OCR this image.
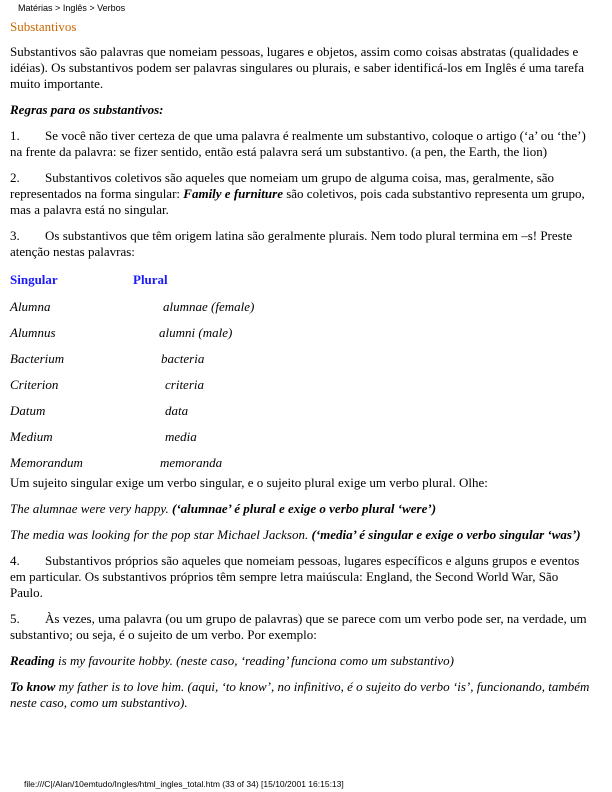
Matérias > Inglês > Verbos
Substantivos

Substantivos são palavras que nomeiam pessoas, lugares e objetos, assim como coisas abstratas (qualidades e idéias). Os substantivos podem ser palavras singulares ou plurais, e saber identificá-los em Inglês é uma tarefa muito importante.

Regras para os substantivos:

1. Se você não tiver certeza de que uma palavra é realmente um substantivo, coloque o artigo (‘a’ ou ‘the’) na frente da palavra: se fizer sentido, então está palavra será um substantivo. (a pen, the Earth, the lion)

2. Substantivos coletivos são aqueles que nomeiam um grupo de alguma coisa, mas, geralmente, são representados na forma singular: Family e furniture são coletivos, pois cada substantivo representa um grupo, mas a palavra está no singular.

3. Os substantivos que têm origem latina são geralmente plurais. Nem todo plural termina em –s! Preste atenção nestas palavras:

Singular	Plural
Alumna	alumnae (female)
Alumnus	alumni (male)
Bacterium	bacteria
Criterion	criteria
Datum	data
Medium	media
Memorandum	memoranda

Um sujeito singular exige um verbo singular, e o sujeito plural exige um verbo plural. Olhe:

The alumnae were very happy. (‘alumnae’ é plural e exige o verbo plural ‘were’)

The media was looking for the pop star Michael Jackson. (‘media’ é singular e exige o verbo singular ‘was’)

4. Substantivos próprios são aqueles que nomeiam pessoas, lugares específicos e alguns grupos e eventos em particular. Os substantivos próprios têm sempre letra maiúscula: England, the Second World War, São Paulo.

5. Às vezes, uma palavra (ou um grupo de palavras) que se parece com um verbo pode ser, na verdade, um substantivo; ou seja, é o sujeito de um verbo. Por exemplo:

Reading is my favourite hobby. (neste caso, ‘reading’ funciona como um substantivo)

To know my father is to love him. (aqui, ‘to know’, no infinitivo, é o sujeito do verbo ‘is’, funcionando, também neste caso, como um substantivo).

file:///C|/Alan/10emtudo/Ingles/html_ingles_total.htm (33 of 34) [15/10/2001 16:15:13]
